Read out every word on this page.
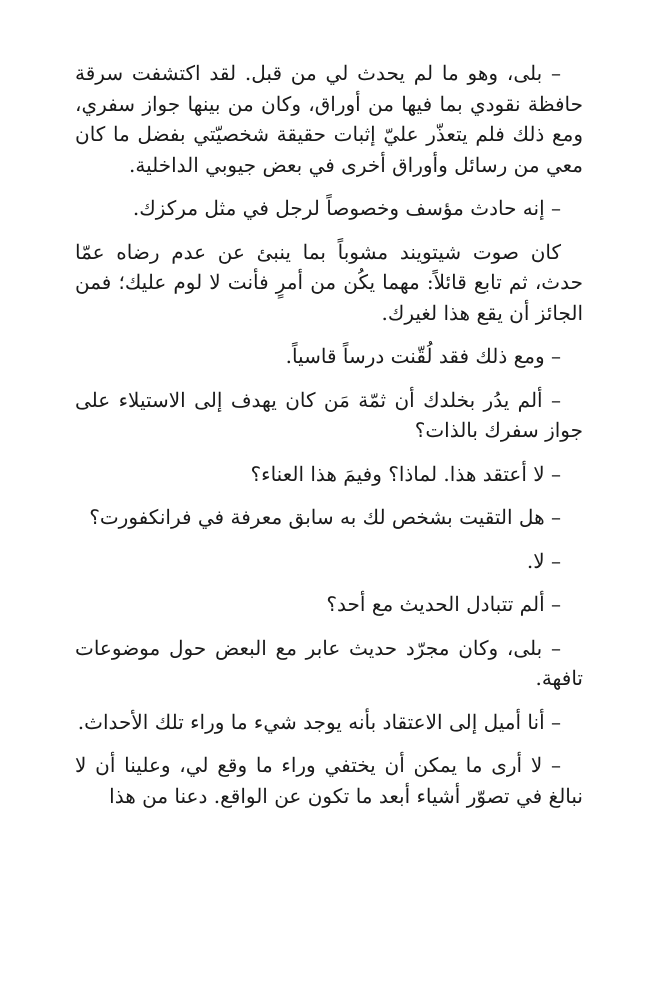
– بلى، وهو ما لم يحدث لي من قبل. لقد اكتشفت سرقة حافظة نقودي بما فيها من أوراق، وكان من بينها جواز سفري، ومع ذلك فلم يتعذّر عليّ إثبات حقيقة شخصيّتي بفضل ما كان معي من رسائل وأوراق أخرى في بعض جيوبي الداخلية.

– إنه حادث مؤسف وخصوصاً لرجل في مثل مركزك.

كان صوت شيتويند مشوباً بما ينبئ عن عدم رضاه عمّا حدث، ثم تابع قائلاً: مهما يكُن من أمرٍ فأنت لا لوم عليك؛ فمن الجائز أن يقع هذا لغيرك.

– ومع ذلك فقد لُقّنت درساً قاسياً.

– ألم يدُر بخلدك أن ثمّة مَن كان يهدف إلى الاستيلاء على جواز سفرك بالذات؟

– لا أعتقد هذا. لماذا؟ وفيمَ هذا العناء؟

– هل التقيت بشخص لك به سابق معرفة في فرانكفورت؟

– لا.

– ألم تتبادل الحديث مع أحد؟

– بلى، وكان مجرّد حديث عابر مع البعض حول موضوعات تافهة.

– أنا أميل إلى الاعتقاد بأنه يوجد شيء ما وراء تلك الأحداث.

– لا أرى ما يمكن أن يختفي وراء ما وقع لي، وعلينا أن لا نبالغ في تصوّر أشياء أبعد ما تكون عن الواقع. دعنا من هذا
